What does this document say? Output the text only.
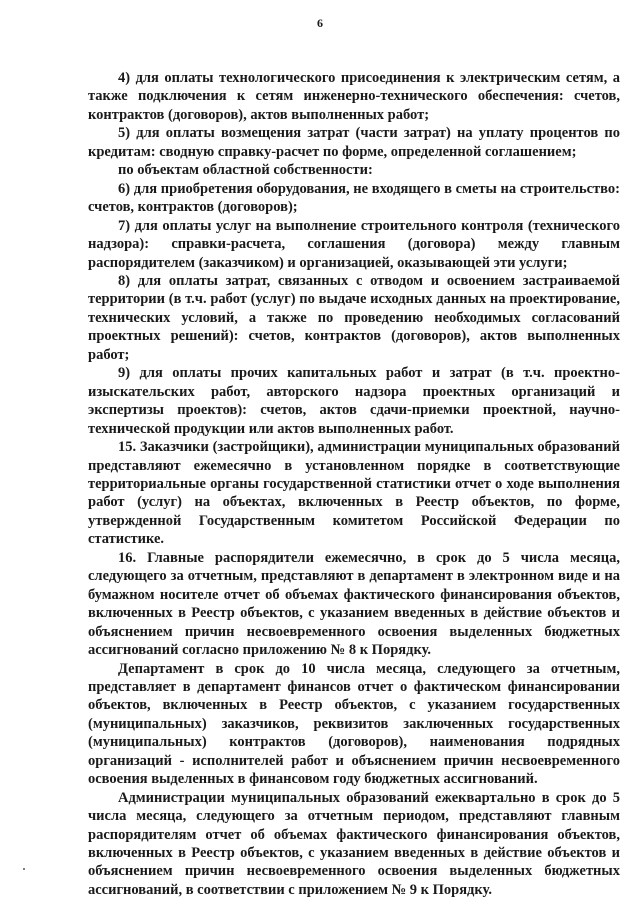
6

4) для оплаты технологического присоединения к электрическим сетям, а также подключения к сетям инженерно-технического обеспечения: счетов, контрактов (договоров), актов выполненных работ;

5) для оплаты возмещения затрат (части затрат) на уплату процентов по кредитам: сводную справку-расчет по форме, определенной соглашением;

по объектам областной собственности:

6) для приобретения оборудования, не входящего в сметы на строительство: счетов, контрактов (договоров);

7) для оплаты услуг на выполнение строительного контроля (технического надзора): справки-расчета, соглашения (договора) между главным распорядителем (заказчиком) и организацией, оказывающей эти услуги;

8) для оплаты затрат, связанных с отводом и освоением застраиваемой территории (в т.ч. работ (услуг) по выдаче исходных данных на проектирование, технических условий, а также по проведению необходимых согласований проектных решений): счетов, контрактов (договоров), актов выполненных работ;

9) для оплаты прочих капитальных работ и затрат (в т.ч. проектно-изыскательских работ, авторского надзора проектных организаций и экспертизы проектов): счетов, актов сдачи-приемки проектной, научно-технической продукции или актов выполненных работ.

15. Заказчики (застройщики), администрации муниципальных образований представляют ежемесячно в установленном порядке в соответствующие территориальные органы государственной статистики отчет о ходе выполнения работ (услуг) на объектах, включенных в Реестр объектов, по форме, утвержденной Государственным комитетом Российской Федерации по статистике.

16. Главные распорядители ежемесячно, в срок до 5 числа месяца, следующего за отчетным, представляют в департамент в электронном виде и на бумажном носителе отчет об объемах фактического финансирования объектов, включенных в Реестр объектов, с указанием введенных в действие объектов и объяснением причин несвоевременного освоения выделенных бюджетных ассигнований согласно приложению № 8 к Порядку.

Департамент в срок до 10 числа месяца, следующего за отчетным, представляет в департамент финансов отчет о фактическом финансировании объектов, включенных в Реестр объектов, с указанием государственных (муниципальных) заказчиков, реквизитов заключенных государственных (муниципальных) контрактов (договоров), наименования подрядных организаций - исполнителей работ и объяснением причин несвоевременного освоения выделенных в финансовом году бюджетных ассигнований.

Администрации муниципальных образований ежеквартально в срок до 5 числа месяца, следующего за отчетным периодом, представляют главным распорядителям отчет об объемах фактического финансирования объектов, включенных в Реестр объектов, с указанием введенных в действие объектов и объяснением причин несвоевременного освоения выделенных бюджетных ассигнований, в соответствии с приложением № 9 к Порядку.
